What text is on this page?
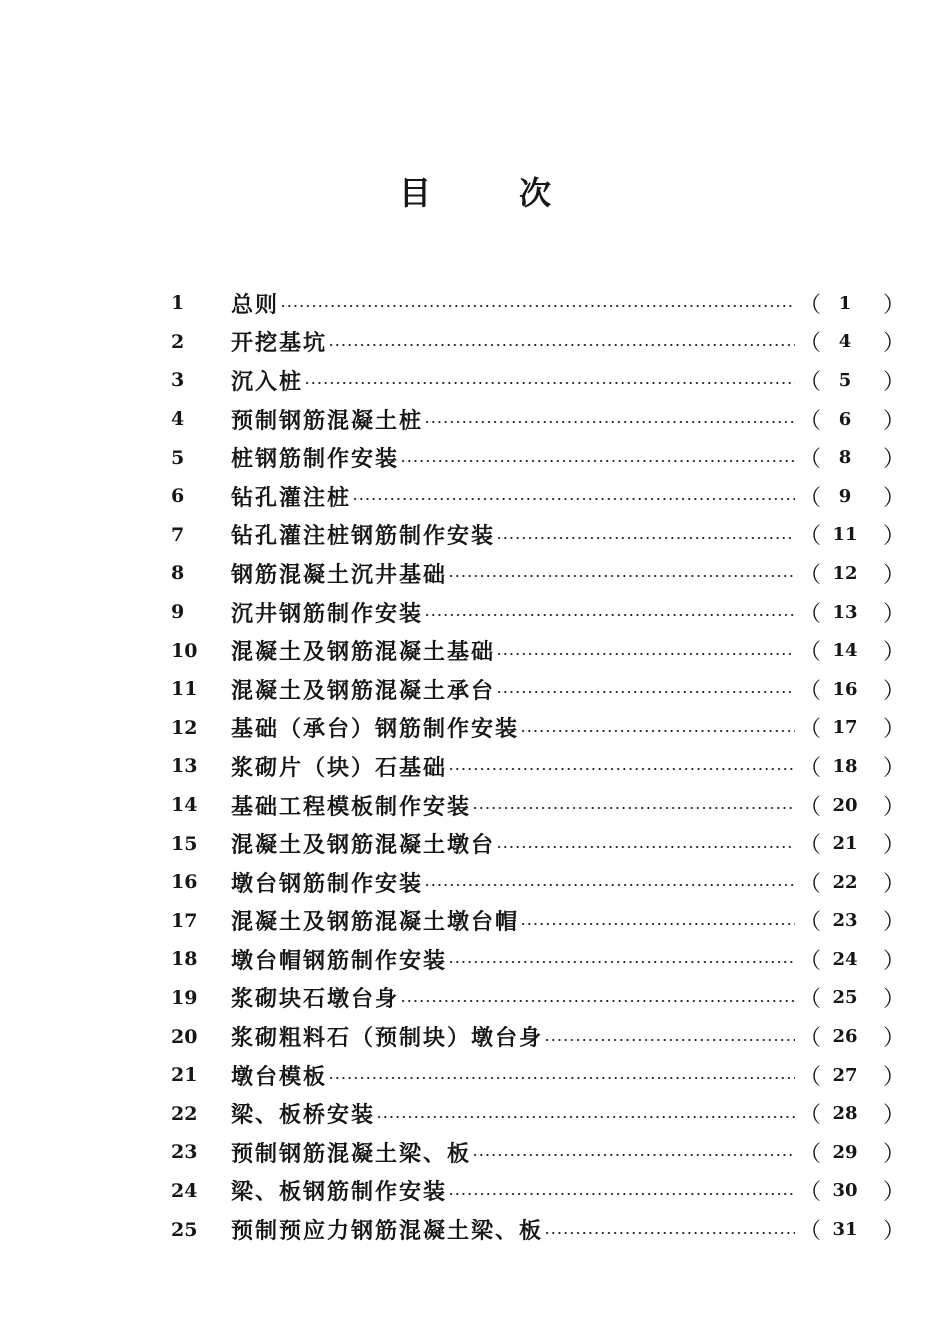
目	次
1	总则	（ 1	）
2	开挖基坑	（ 4	）
3	沉入桩	（ 5	）
4	预制钢筋混凝土桩	（ 6	）
5	桩钢筋制作安装	（ 8	）
6	钻孔灌注桩	（ 9	）
7	钻孔灌注桩钢筋制作安装	（ 11	）
8	钢筋混凝土沉井基础	（ 12	）
9	沉井钢筋制作安装	（ 13	）
10	混凝土及钢筋混凝土基础	（ 14	）
11	混凝土及钢筋混凝土承台	（ 16	）
12	基础（承台）钢筋制作安装	（ 17	）
13	浆砌片（块）石基础	（ 18	）
14	基础工程模板制作安装	（ 20	）
15	混凝土及钢筋混凝土墩台	（ 21	）
16	墩台钢筋制作安装	（ 22	）
17	混凝土及钢筋混凝土墩台帽	（ 23	）
18	墩台帽钢筋制作安装	（ 24	）
19	浆砌块石墩台身	（ 25	）
20	浆砌粗料石（预制块）墩台身	（ 26	）
21	墩台模板	（ 27	）
22	梁、板桥安装	（ 28	）
23	预制钢筋混凝土梁、板	（ 29	）
24	梁、板钢筋制作安装	（ 30	）
25	预制预应力钢筋混凝土梁、板	（ 31	）
